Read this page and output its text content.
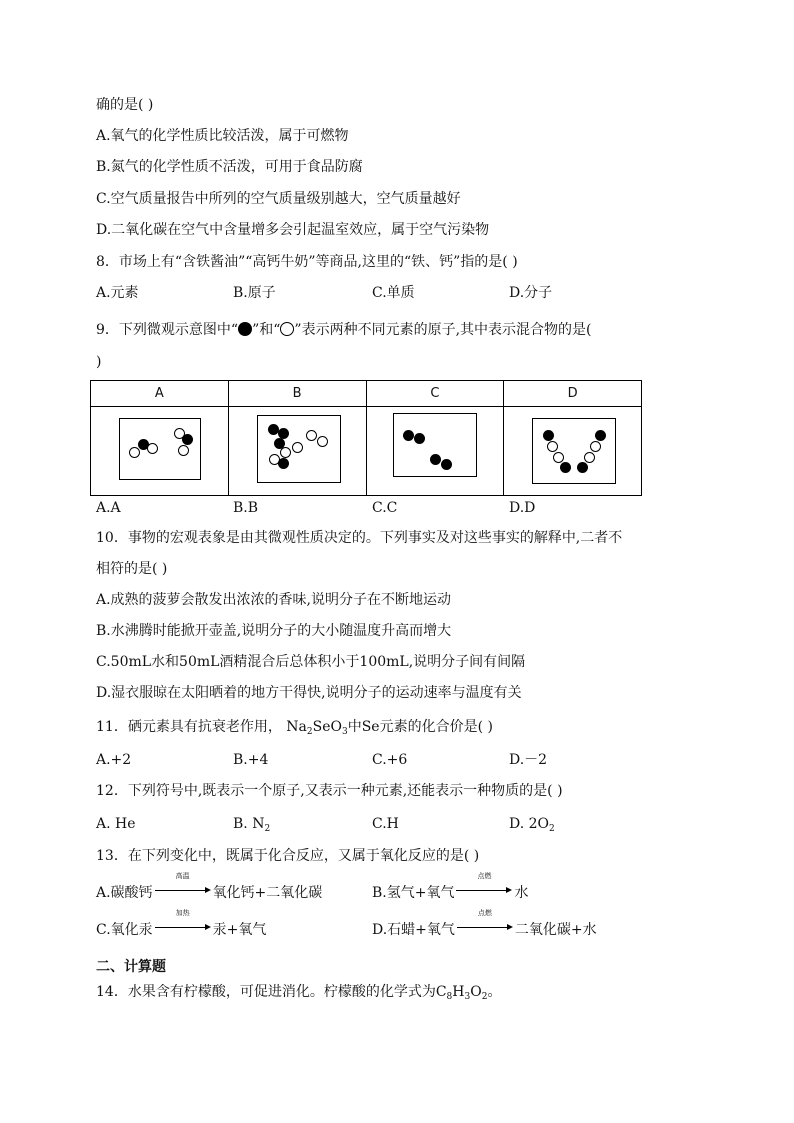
确的是( )
A.氧气的化学性质比较活泼，属于可燃物
B.氮气的化学性质不活泼，可用于食品防腐
C.空气质量报告中所列的空气质量级别越大，空气质量越好
D.二氧化碳在空气中含量增多会引起温室效应，属于空气污染物
8．市场上有“含铁酱油”“高钙牛奶”等商品,这里的“铁、钙”指的是( )
A.元素	B.原子	C.单质	D.分子
9．下列微观示意图中“ ”和“ ”表示两种不同元素的原子,其中表示混合物的是(
)
A	B	C	D

A.A	B.B	C.C	D.D
10．事物的宏观表象是由其微观性质决定的。下列事实及对这些事实的解释中,二者不
相符的是( )
A.成熟的菠萝会散发出浓浓的香味,说明分子在不断地运动
B.水沸腾时能掀开壶盖,说明分子的大小随温度升高而增大
C.50mL水和50mL酒精混合后总体积小于100mL,说明分子间有间隔
D.湿衣服晾在太阳晒着的地方干得快,说明分子的运动速率与温度有关
11．硒元素具有抗衰老作用， $Na_2SeO_3$中Se元素的化合价是( )
A.+2	B.+4	C.+6	D.－2
12．下列符号中,既表示一个原子,又表示一种元素,还能表示一种物质的是( )
A. He	B. $N_2$	C.H	D. $2O_2$
13．在下列变化中，既属于化合反应，又属于氧化反应的是( )
A.碳酸钙
高温
氧化钙+二氧化碳	B.氢气+氧气
点燃
水
C.氧化汞
加热
汞+氧气	D.石蜡+氧气
点燃
二氧化碳+水
二、计算题
14．水果含有柠檬酸，可促进消化。柠檬酸的化学式为$C_8H_3O_2$。
